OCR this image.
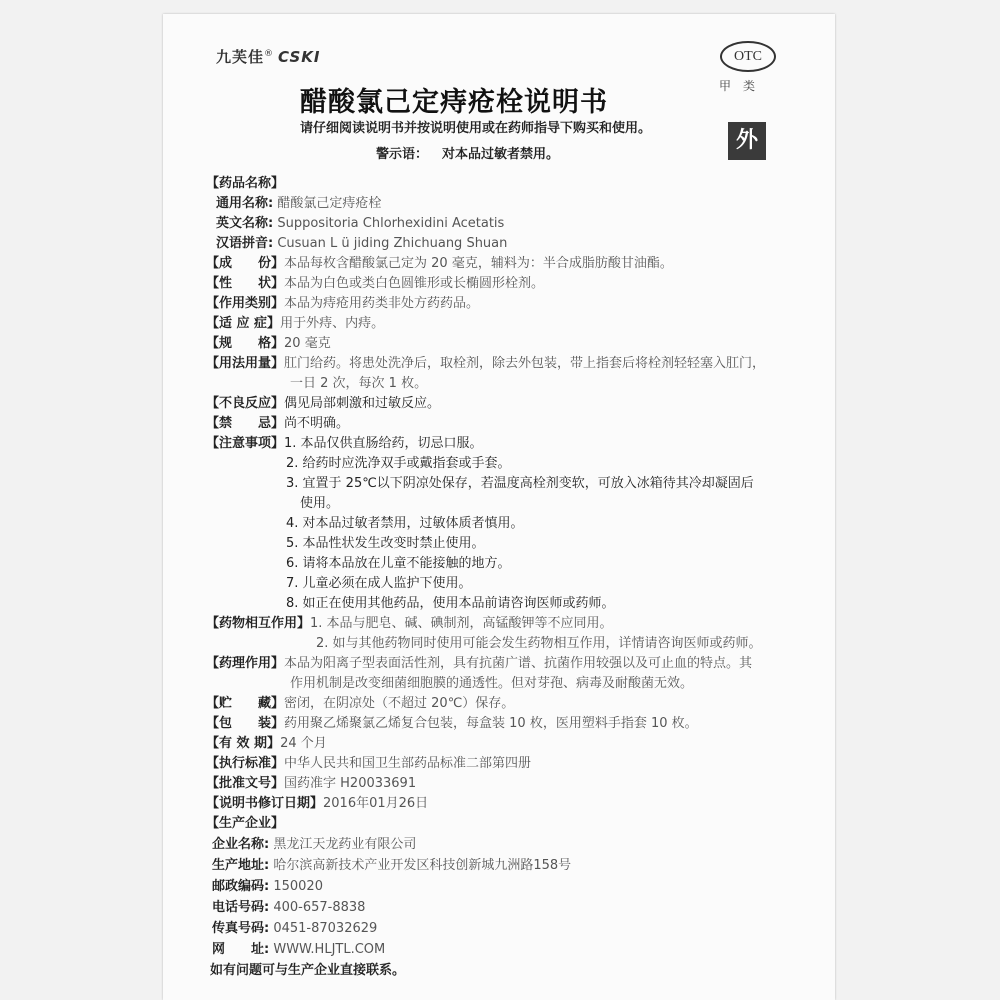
九芙佳® CSKI	OTC
甲类
外
醋酸氯己定痔疮栓说明书
请仔细阅读说明书并按说明使用或在药师指导下购买和使用。
警示语： 对本品过敏者禁用。
【药品名称】
通用名称: 醋酸氯己定痔疮栓
英文名称: Suppositoria Chlorhexidini Acetatis
汉语拼音: Cusuan L ü jiding Zhichuang Shuan
【成　　份】本品每枚含醋酸氯己定为 20 毫克，辅料为：半合成脂肪酸甘油酯。
【性　　状】本品为白色或类白色圆锥形或长椭圆形栓剂。
【作用类别】本品为痔疮用药类非处方药药品。
【适 应 症】用于外痔、内痔。
【规　　格】20 毫克
【用法用量】肛门给药。将患处洗净后，取栓剂，除去外包装，带上指套后将栓剂轻轻塞入肛门，
一日 2 次，每次 1 枚。
【不良反应】偶见局部刺激和过敏反应。
【禁　　忌】尚不明确。
【注意事项】1. 本品仅供直肠给药，切忌口服。
2. 给药时应洗净双手或戴指套或手套。
3. 宜置于 25℃以下阴凉处保存，若温度高栓剂变软，可放入冰箱待其冷却凝固后
使用。
4. 对本品过敏者禁用，过敏体质者慎用。
5. 本品性状发生改变时禁止使用。
6. 请将本品放在儿童不能接触的地方。
7. 儿童必须在成人监护下使用。
8. 如正在使用其他药品，使用本品前请咨询医师或药师。
【药物相互作用】1. 本品与肥皂、碱、碘制剂，高锰酸钾等不应同用。
2. 如与其他药物同时使用可能会发生药物相互作用，详情请咨询医师或药师。
【药理作用】本品为阳离子型表面活性剂，具有抗菌广谱、抗菌作用较强以及可止血的特点。其
作用机制是改变细菌细胞膜的通透性。但对芽孢、病毒及耐酸菌无效。
【贮　　藏】密闭，在阴凉处（不超过 20℃）保存。
【包　　装】药用聚乙烯聚氯乙烯复合包装，每盒装 10 枚，医用塑料手指套 10 枚。
【有 效 期】24 个月
【执行标准】中华人民共和国卫生部药品标准二部第四册
【批准文号】国药准字 H20033691
【说明书修订日期】2016年01月26日
【生产企业】
企业名称: 黑龙江天龙药业有限公司
生产地址: 哈尔滨高新技术产业开发区科技创新城九洲路158号
邮政编码: 150020
电话号码: 400-657-8838
传真号码: 0451-87032629
网　　址: WWW.HLJTL.COM
如有问题可与生产企业直接联系。
